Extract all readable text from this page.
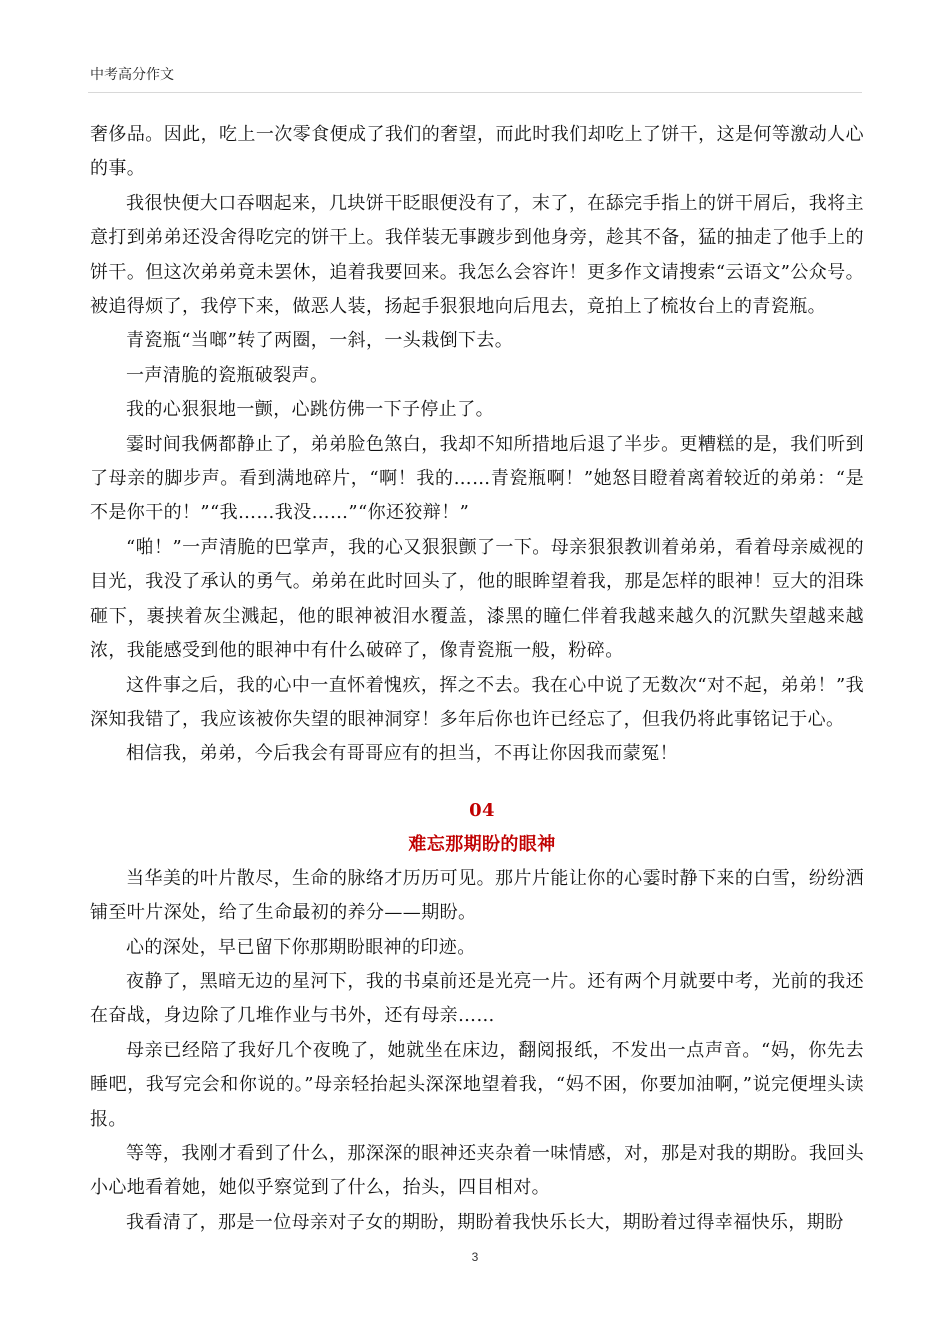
中考高分作文

奢侈品。因此，吃上一次零食便成了我们的奢望，而此时我们却吃上了饼干，这是何等激动人心的事。

我很快便大口吞咽起来，几块饼干眨眼便没有了，末了，在舔完手指上的饼干屑后，我将主意打到弟弟还没舍得吃完的饼干上。我佯装无事踱步到他身旁，趁其不备，猛的抽走了他手上的饼干。但这次弟弟竟未罢休，追着我要回来。我怎么会容许！更多作文请搜索“云语文”公众号。被追得烦了，我停下来，做恶人装，扬起手狠狠地向后甩去，竟拍上了梳妆台上的青瓷瓶。

青瓷瓶“当啷”转了两圈，一斜，一头栽倒下去。

一声清脆的瓷瓶破裂声。

我的心狠狠地一颤，心跳仿佛一下子停止了。

霎时间我俩都静止了，弟弟脸色煞白，我却不知所措地后退了半步。更糟糕的是，我们听到了母亲的脚步声。看到满地碎片，“啊！我的……青瓷瓶啊！”她怒目瞪着离着较近的弟弟：“是不是你干的！”“我……我没……”“你还狡辩！”

“啪！”一声清脆的巴掌声，我的心又狠狠颤了一下。母亲狠狠教训着弟弟，看着母亲威视的目光，我没了承认的勇气。弟弟在此时回头了，他的眼眸望着我，那是怎样的眼神！豆大的泪珠砸下，裹挟着灰尘溅起，他的眼神被泪水覆盖，漆黑的瞳仁伴着我越来越久的沉默失望越来越浓，我能感受到他的眼神中有什么破碎了，像青瓷瓶一般，粉碎。

这件事之后，我的心中一直怀着愧疚，挥之不去。我在心中说了无数次“对不起，弟弟！”我深知我错了，我应该被你失望的眼神洞穿！多年后你也许已经忘了，但我仍将此事铭记于心。

相信我，弟弟，今后我会有哥哥应有的担当，不再让你因我而蒙冤！

04
难忘那期盼的眼神

当华美的叶片散尽，生命的脉络才历历可见。那片片能让你的心霎时静下来的白雪，纷纷洒铺至叶片深处，给了生命最初的养分——期盼。

心的深处，早已留下你那期盼眼神的印迹。

夜静了，黑暗无边的星河下，我的书桌前还是光亮一片。还有两个月就要中考，光前的我还在奋战，身边除了几堆作业与书外，还有母亲……

母亲已经陪了我好几个夜晚了，她就坐在床边，翻阅报纸，不发出一点声音。“妈，你先去睡吧，我写完会和你说的。”母亲轻抬起头深深地望着我，“妈不困，你要加油啊，”说完便埋头读报。

等等，我刚才看到了什么，那深深的眼神还夹杂着一味情感，对，那是对我的期盼。我回头小心地看着她，她似乎察觉到了什么，抬头，四目相对。

我看清了，那是一位母亲对子女的期盼，期盼着我快乐长大，期盼着过得幸福快乐，期盼

3
